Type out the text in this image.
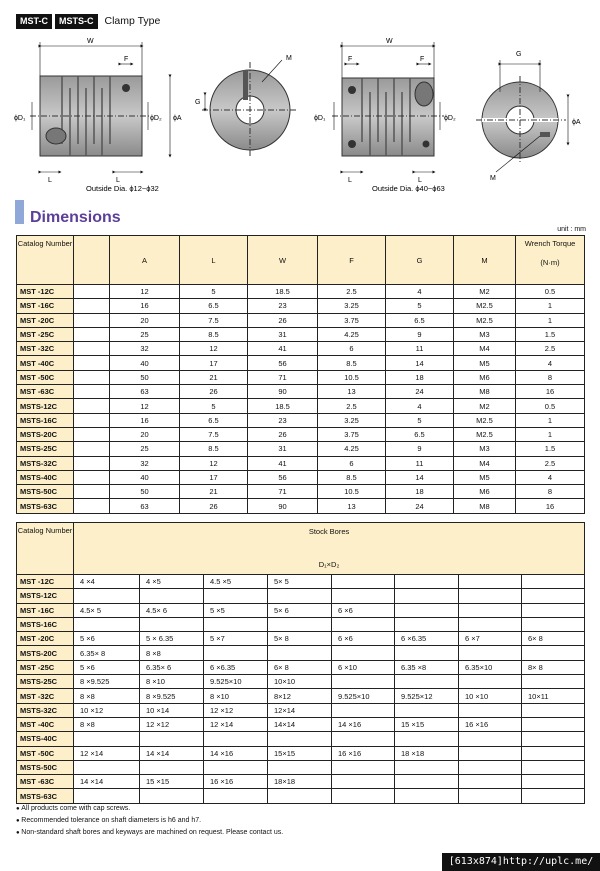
MST-C	MSTS-C	Clamp Type
W
F
ϕD₁	ϕD₂ ϕA
L	L
M
G
Outside Dia. ϕ12~ϕ32
W
F	F
ϕD₁	ϕD₂
L	L
G
ϕA
M
Outside Dia. ϕ40~ϕ63
Dimensions
unit : mm
Catalog Number		A	L	W	F	G	M	Wrench Torque
(N·m)

MST -12C		12	5	18.5	2.5	4	M2	0.5
MST -16C		16	6.5	23	3.25	5	M2.5	1
MST -20C		20	7.5	26	3.75	6.5	M2.5	1
MST -25C		25	8.5	31	4.25	9	M3	1.5
MST -32C		32	12	41	6	11	M4	2.5
MST -40C		40	17	56	8.5	14	M5	4
MST -50C		50	21	71	10.5	18	M6	8
MST -63C		63	26	90	13	24	M8	16
MSTS-12C		12	5	18.5	2.5	4	M2	0.5
MSTS-16C		16	6.5	23	3.25	5	M2.5	1
MSTS-20C		20	7.5	26	3.75	6.5	M2.5	1
MSTS-25C		25	8.5	31	4.25	9	M3	1.5
MSTS-32C		32	12	41	6	11	M4	2.5
MSTS-40C		40	17	56	8.5	14	M5	4
MSTS-50C		50	21	71	10.5	18	M6	8
MSTS-63C		63	26	90	13	24	M8	16
Catalog Number	Stock Bores
D₁×D₂							

MST -12C	4 ×4	4 ×5	4.5 ×5	5× 5				
MSTS-12C								
MST -16C	4.5× 5	4.5× 6	5 ×5	5× 6	6 ×6			
MSTS-16C								
MST -20C	5 ×6	5 × 6.35	5 ×7	5× 8	6 ×6	6 ×6.35	6 ×7	6× 8
MSTS-20C	6.35× 8	8 ×8						
MST -25C	5 ×6	6.35× 6	6 ×6.35	6× 8	6 ×10	6.35 ×8	6.35×10	8× 8
MSTS-25C	8 ×9.525	8 ×10	9.525×10	10×10				
MST -32C	8 ×8	8 ×9.525	8 ×10	8×12	9.525×10	9.525×12	10 ×10	10×11
MSTS-32C	10 ×12	10 ×14	12 ×12	12×14				
MST -40C	8 ×8	12 ×12	12 ×14	14×14	14 ×16	15 ×15	16 ×16	
MSTS-40C								
MST -50C	12 ×14	14 ×14	14 ×16	15×15	16 ×16	18 ×18		
MSTS-50C								
MST -63C	14 ×14	15 ×15	16 ×16	18×18				
MSTS-63C								
● All products come with cap screws.
● Recommended tolerance on shaft diameters is h6 and h7.
● Non-standard shaft bores and keyways are machined on request. Please contact us.
[613x874]http://uplc.me/
